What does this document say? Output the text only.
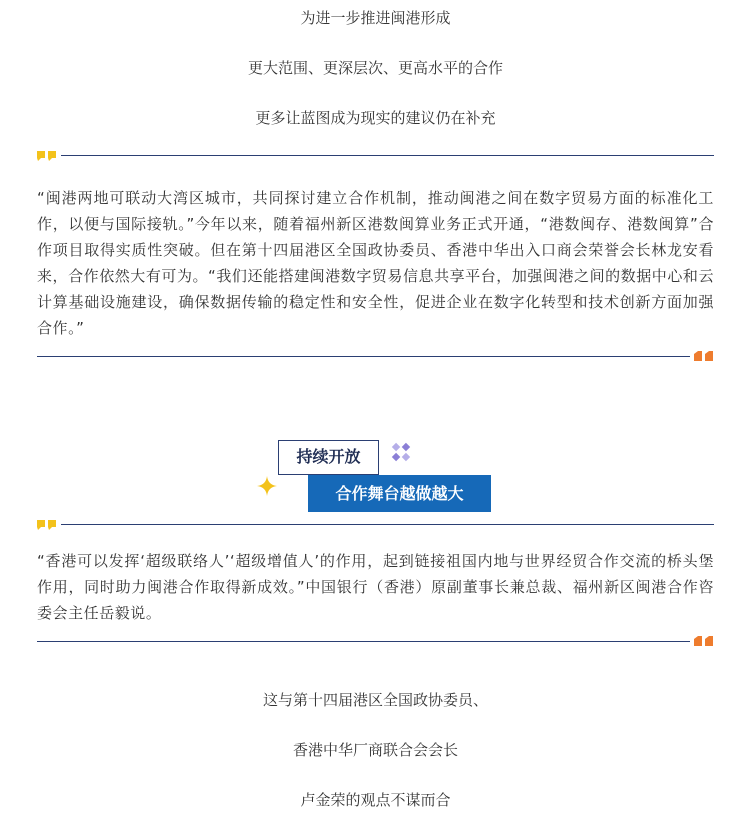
为进一步推进闽港形成
更大范围、更深层次、更高水平的合作
更多让蓝图成为现实的建议仍在补充

“闽港两地可联动大湾区城市，共同探讨建立合作机制，推动闽港之间在数字贸易方面的标准化工作，以便与国际接轨。”今年以来，随着福州新区港数闽算业务正式开通，“港数闽存、港数闽算”合作项目取得实质性突破。但在第十四届港区全国政协委员、香港中华出入口商会荣誉会长林龙安看来，合作依然大有可为。“我们还能搭建闽港数字贸易信息共享平台，加强闽港之间的数据中心和云计算基础设施建设，确保数据传输的稳定性和安全性，促进企业在数字化转型和技术创新方面加强合作。”

持续开放
合作舞台越做越大

“香港可以发挥‘超级联络人’‘超级增值人’的作用，起到链接祖国内地与世界经贸合作交流的桥头堡作用，同时助力闽港合作取得新成效。”中国银行（香港）原副董事长兼总裁、福州新区闽港合作咨委会主任岳毅说。

这与第十四届港区全国政协委员、
香港中华厂商联合会会长
卢金荣的观点不谋而合
